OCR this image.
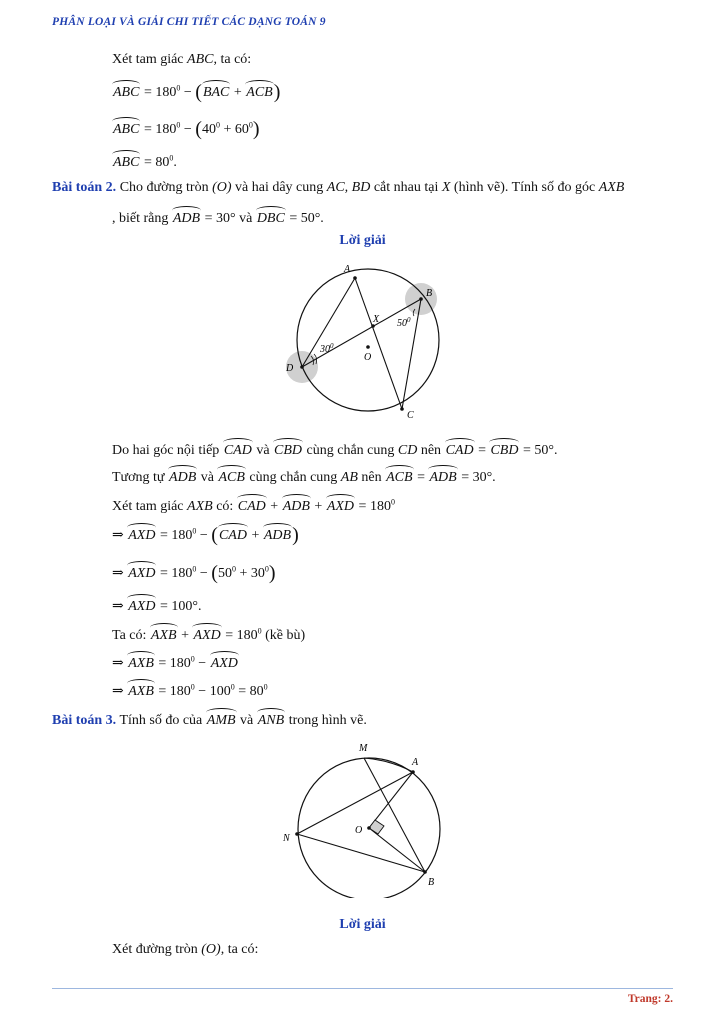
PHÂN LOẠI VÀ GIẢI CHI TIẾT CÁC DẠNG TOÁN 9
Xét tam giác ABC, ta có:
ABC = $180^0 - (BAC + ACB)$
ABC = $180^0 - (40^0 + 60^0)$
ABC = $80^0$.
Bài toán 2. Cho đường tròn (O) và hai dây cung AC, BD cắt nhau tại X (hình vẽ). Tính số đo góc AXB
, biết rằng ADB = 30° và DBC = 50°.
Lời giải
A
B
C
D
X
O
$50^0$
$30^0$
Do hai góc nội tiếp CAD và CBD cùng chắn cung CD nên CAD = CBD = 50°.
Tương tự ADB và ACB cùng chắn cung AB nên ACB = ADB = 30°.
Xét tam giác AXB có: CAD + ADB + AXD = $180^0$
⇒ AXD = $180^0 - (CAD + ADB)$
⇒ AXD = $180^0 - (50^0 + 30^0)$
⇒ AXD = 100°.
Ta có: AXB + AXD = $180^0$ (kề bù)
⇒ AXB = $180^0$ − AXD
⇒ AXB = $180^0 - 100^0 = 80^0$
Bài toán 3. Tính số đo của AMB và ANB trong hình vẽ.
M
A
N
O
B
Lời giải
Xét đường tròn (O), ta có:
Trang: 2.
